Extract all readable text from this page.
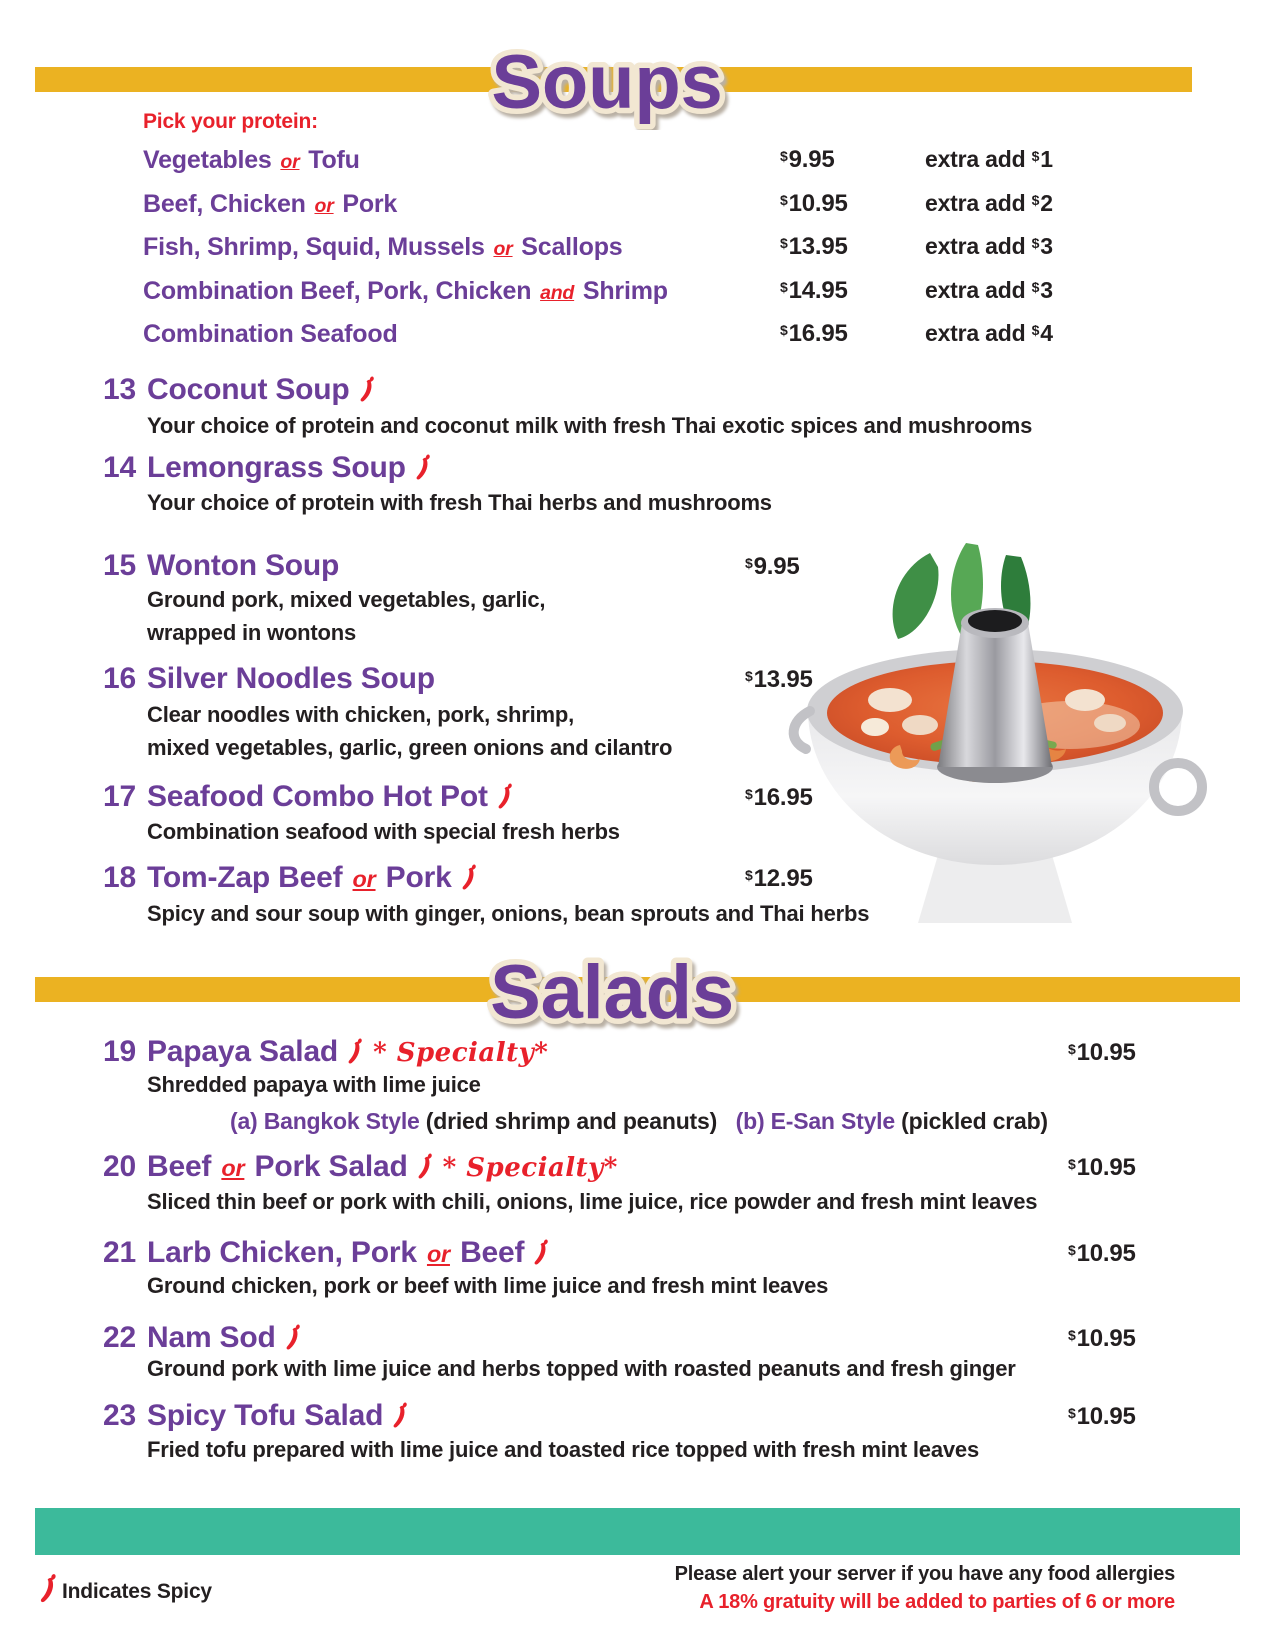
Soups
Pick your protein:
Vegetables or Tofu	$9.95	extra add $1
Beef, Chicken or Pork	$10.95	extra add $2
Fish, Shrimp, Squid, Mussels or Scallops	$13.95	extra add $3
Combination Beef, Pork, Chicken and Shrimp	$14.95	extra add $3
Combination Seafood	$16.95	extra add $4
13 Coconut Soup
Your choice of protein and coconut milk with fresh Thai exotic spices and mushrooms
14 Lemongrass Soup
Your choice of protein with fresh Thai herbs and mushrooms
15 Wonton Soup	$9.95
Ground pork, mixed vegetables, garlic,
wrapped in wontons
16 Silver Noodles Soup	$13.95
Clear noodles with chicken, pork, shrimp,
mixed vegetables, garlic, green onions and cilantro
17 Seafood Combo Hot Pot	$16.95
Combination seafood with special fresh herbs
18 Tom-Zap Beef or Pork	$12.95
Spicy and sour soup with ginger, onions, bean sprouts and Thai herbs
Salads
19 Papaya Salad * Specialty*	$10.95
Shredded papaya with lime juice
(a) Bangkok Style (dried shrimp and peanuts)   (b) E-San Style (pickled crab)
20 Beef or Pork Salad * Specialty*	$10.95
Sliced thin beef or pork with chili, onions, lime juice, rice powder and fresh mint leaves
21 Larb Chicken, Pork or Beef	$10.95
Ground chicken, pork or beef with lime juice and fresh mint leaves
22 Nam Sod	$10.95
Ground pork with lime juice and herbs topped with roasted peanuts and fresh ginger
23 Spicy Tofu Salad	$10.95
Fried tofu prepared with lime juice and toasted rice topped with fresh mint leaves
Indicates Spicy
Please alert your server if you have any food allergies
A 18% gratuity will be added to parties of 6 or more
